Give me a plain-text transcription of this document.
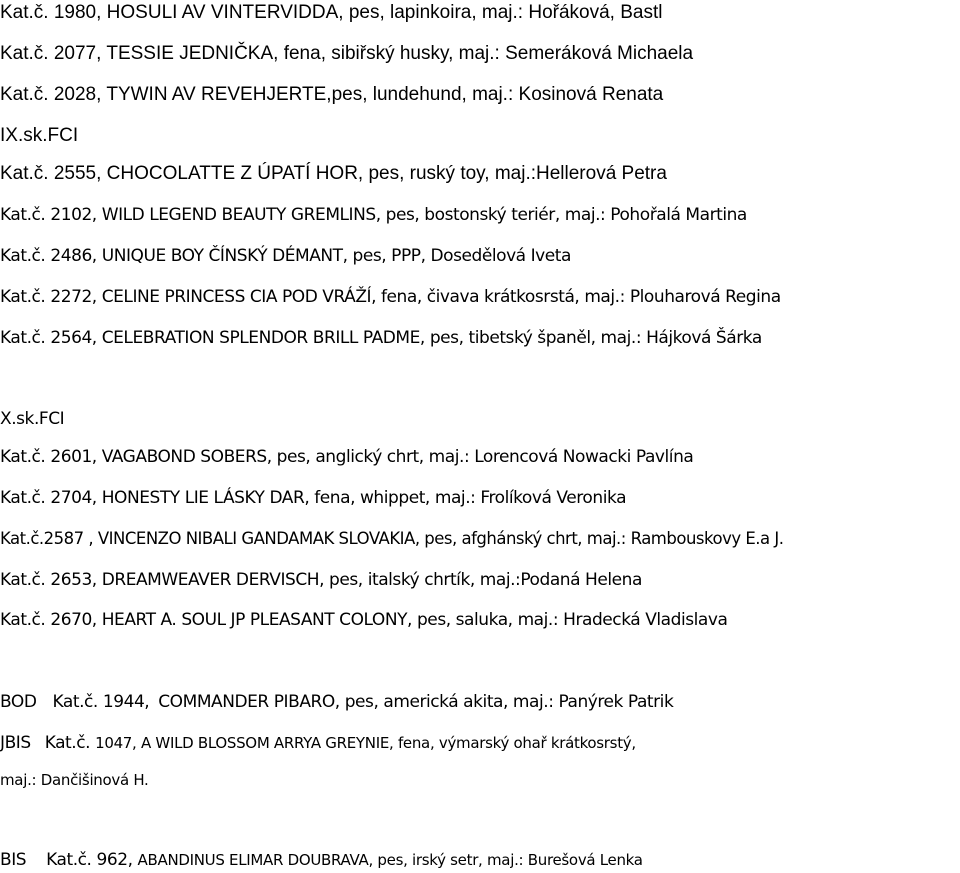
Kat.č. 1980, HOSULI AV VINTERVIDDA, pes, lapinkoira, maj.: Hořáková, Bastl
Kat.č. 2077, TESSIE JEDNIČKA, fena, sibiřský husky, maj.: Semeráková Michaela
Kat.č. 2028, TYWIN AV REVEHJERTE,pes, lundehund, maj.: Kosinová Renata
IX.sk.FCI
Kat.č. 2555, CHOCOLATTE Z ÚPATÍ HOR, pes, ruský toy, maj.:Hellerová Petra
Kat.č. 2102, WILD LEGEND BEAUTY GREMLINS, pes, bostonský teriér, maj.: Pohořalá Martina
Kat.č. 2486, UNIQUE BOY ČÍNSKÝ DÉMANT, pes, PPP, Dosedělová Iveta
Kat.č. 2272, CELINE PRINCESS CIA POD VRÁŽÍ, fena, čivava krátkosrstá, maj.: Plouharová Regina
Kat.č. 2564, CELEBRATION SPLENDOR BRILL PADME, pes, tibetský španěl, maj.: Hájková Šárka
X.sk.FCI
Kat.č. 2601, VAGABOND SOBERS, pes, anglický chrt, maj.: Lorencová Nowacki Pavlína
Kat.č. 2704, HONESTY LIE LÁSKY DAR, fena, whippet, maj.: Frolíková Veronika
Kat.č.2587 , VINCENZO NIBALI GANDAMAK SLOVAKIA, pes, afghánský chrt, maj.: Rambouskovy E.a J.
Kat.č. 2653, DREAMWEAVER DERVISCH, pes, italský chrtík, maj.:Podaná Helena
Kat.č. 2670, HEART A. SOUL JP PLEASANT COLONY, pes, saluka, maj.: Hradecká Vladislava
BOD Kat.č. 1944, COMMANDER PIBARO, pes, americká akita, maj.: Panýrek Patrik
JBIS Kat.č. 1047, A WILD BLOSSOM ARRYA GREYNIE, fena, výmarský ohař krátkosrstý,
maj.: Dančišinová H.
BIS Kat.č. 962, ABANDINUS ELIMAR DOUBRAVA, pes, irský setr, maj.: Burešová Lenka
